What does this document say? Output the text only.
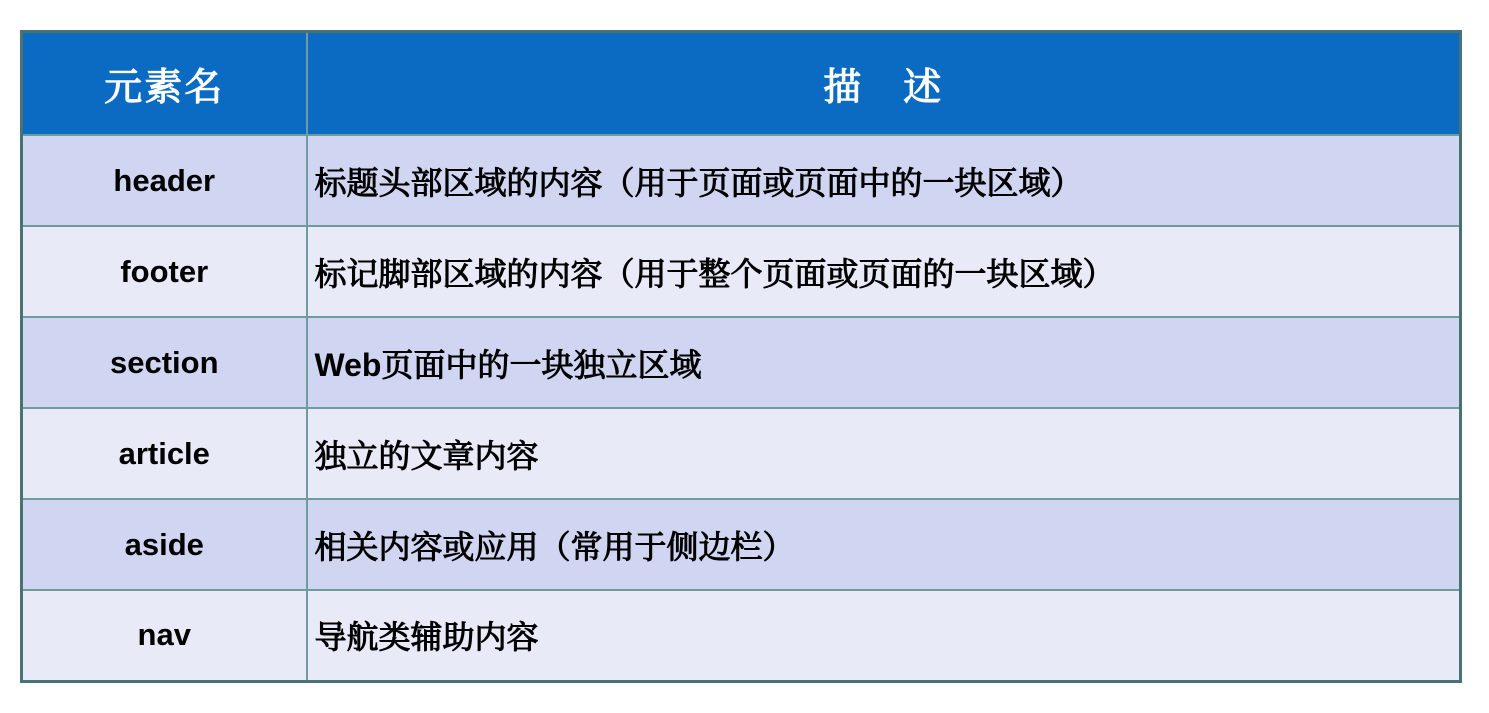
元素名	描　述
header	标题头部区域的内容（用于页面或页面中的一块区域）
footer	标记脚部区域的内容（用于整个页面或页面的一块区域）
section	Web页面中的一块独立区域
article	独立的文章内容
aside	相关内容或应用（常用于侧边栏）
nav	导航类辅助内容
